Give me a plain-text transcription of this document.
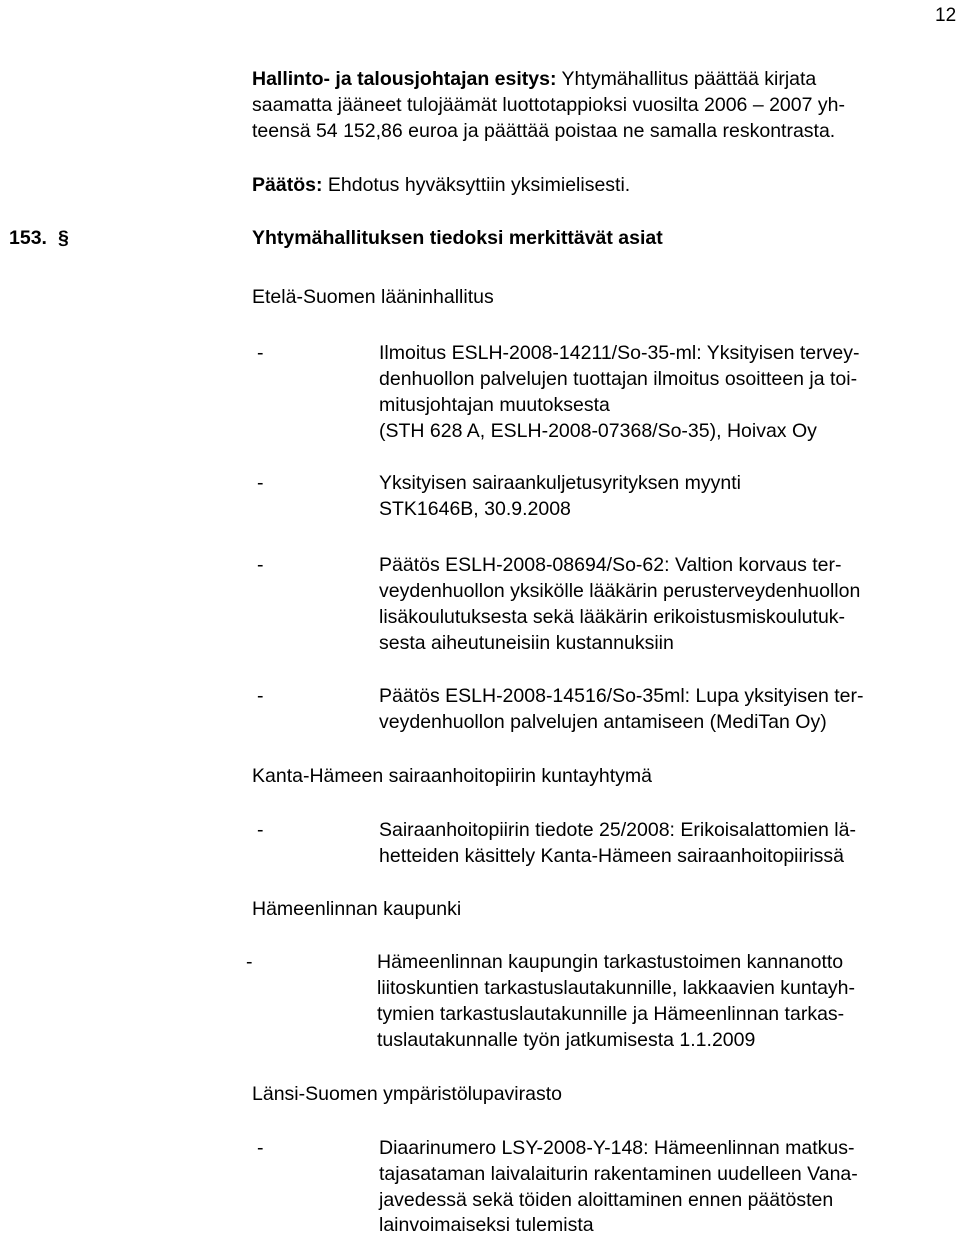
12
Hallinto- ja talousjohtajan esitys: Yhtymähallitus päättää kirjata
saamatta jääneet tulojäämät luottotappioksi vuosilta 2006 – 2007 yh-
teensä 54 152,86 euroa ja päättää poistaa ne samalla reskontrasta.
Päätös: Ehdotus hyväksyttiin yksimielisesti.
153. §	Yhtymähallituksen tiedoksi merkittävät asiat
Etelä-Suomen lääninhallitus
-	Ilmoitus ESLH-2008-14211/So-35-ml: Yksityisen tervey-
denhuollon palvelujen tuottajan ilmoitus osoitteen ja toi-
mitusjohtajan muutoksesta
(STH 628 A, ESLH-2008-07368/So-35), Hoivax Oy
-	Yksityisen sairaankuljetusyrityksen myynti
STK1646B, 30.9.2008
-	Päätös ESLH-2008-08694/So-62: Valtion korvaus ter-
veydenhuollon yksikölle lääkärin perusterveydenhuollon
lisäkoulutuksesta sekä lääkärin erikoistusmiskoulutuk-
sesta aiheutuneisiin kustannuksiin
-	Päätös ESLH-2008-14516/So-35ml: Lupa yksityisen ter-
veydenhuollon palvelujen antamiseen (MediTan Oy)
Kanta-Hämeen sairaanhoitopiirin kuntayhtymä
-	Sairaanhoitopiirin tiedote 25/2008: Erikoisalattomien lä-
hetteiden käsittely Kanta-Hämeen sairaanhoitopiirissä
Hämeenlinnan kaupunki
-	Hämeenlinnan kaupungin tarkastustoimen kannanotto
liitoskuntien tarkastuslautakunnille, lakkaavien kuntayh-
tymien tarkastuslautakunnille ja Hämeenlinnan tarkas-
tuslautakunnalle työn jatkumisesta 1.1.2009
Länsi-Suomen ympäristölupavirasto
-	Diaarinumero LSY-2008-Y-148: Hämeenlinnan matkus-
tajasataman laivalaiturin rakentaminen uudelleen Vana-
javedessä sekä töiden aloittaminen ennen päätösten
lainvoimaiseksi tulemista
